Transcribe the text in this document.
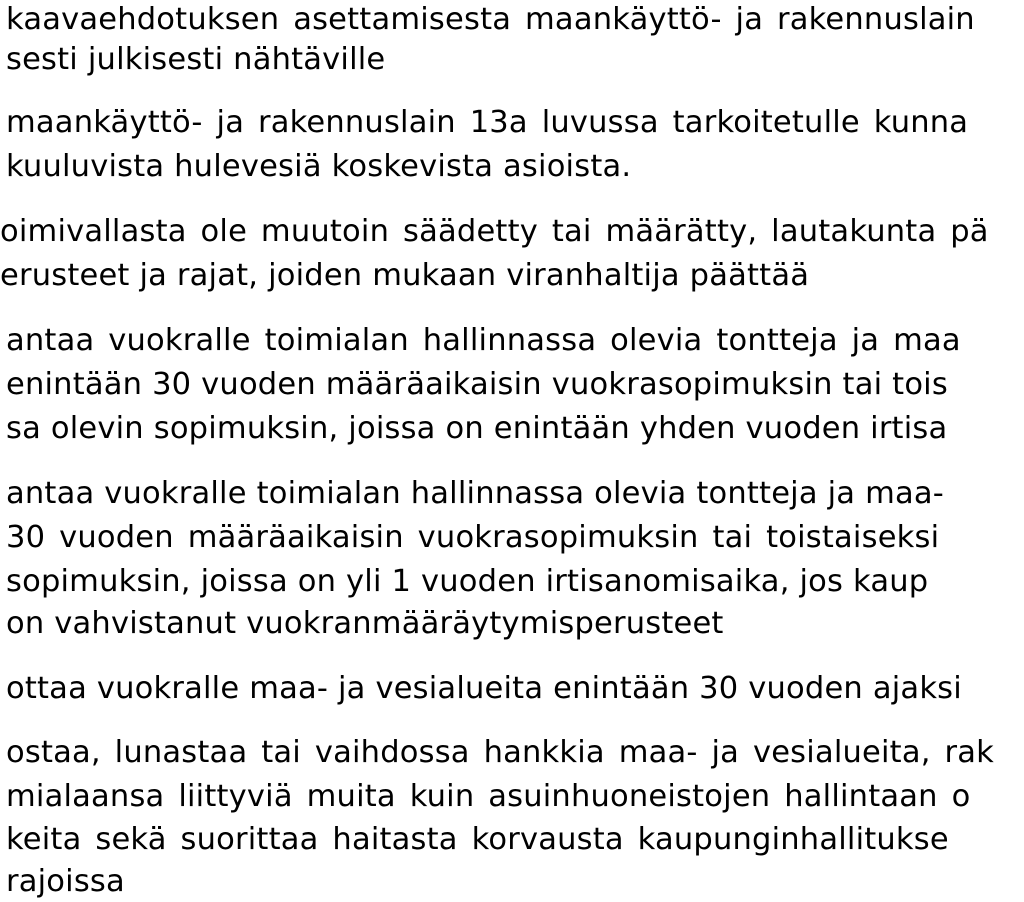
kaavaehdotuksen asettamisesta maankäyttö- ja rakennuslain
sesti julkisesti nähtäville
maankäyttö- ja rakennuslain 13a luvussa tarkoitetulle kunna
kuuluvista hulevesiä koskevista asioista.
oimivallasta ole muutoin säädetty tai määrätty, lautakunta pä
erusteet ja rajat, joiden mukaan viranhaltija päättää
antaa vuokralle toimialan hallinnassa olevia tontteja ja maa
enintään 30 vuoden määräaikaisin vuokrasopimuksin tai tois
sa olevin sopimuksin, joissa on enintään yhden vuoden irtisa
antaa vuokralle toimialan hallinnassa olevia tontteja ja maa-
30 vuoden määräaikaisin vuokrasopimuksin tai toistaiseksi
sopimuksin, joissa on yli 1 vuoden irtisanomisaika, jos kaup
on vahvistanut vuokranmääräytymisperusteet
ottaa vuokralle maa- ja vesialueita enintään 30 vuoden ajaksi
ostaa, lunastaa tai vaihdossa hankkia maa- ja vesialueita, rak
mialaansa liittyviä muita kuin asuinhuoneistojen hallintaan o
keita sekä suorittaa haitasta korvausta kaupunginhallitukse
rajoissa
